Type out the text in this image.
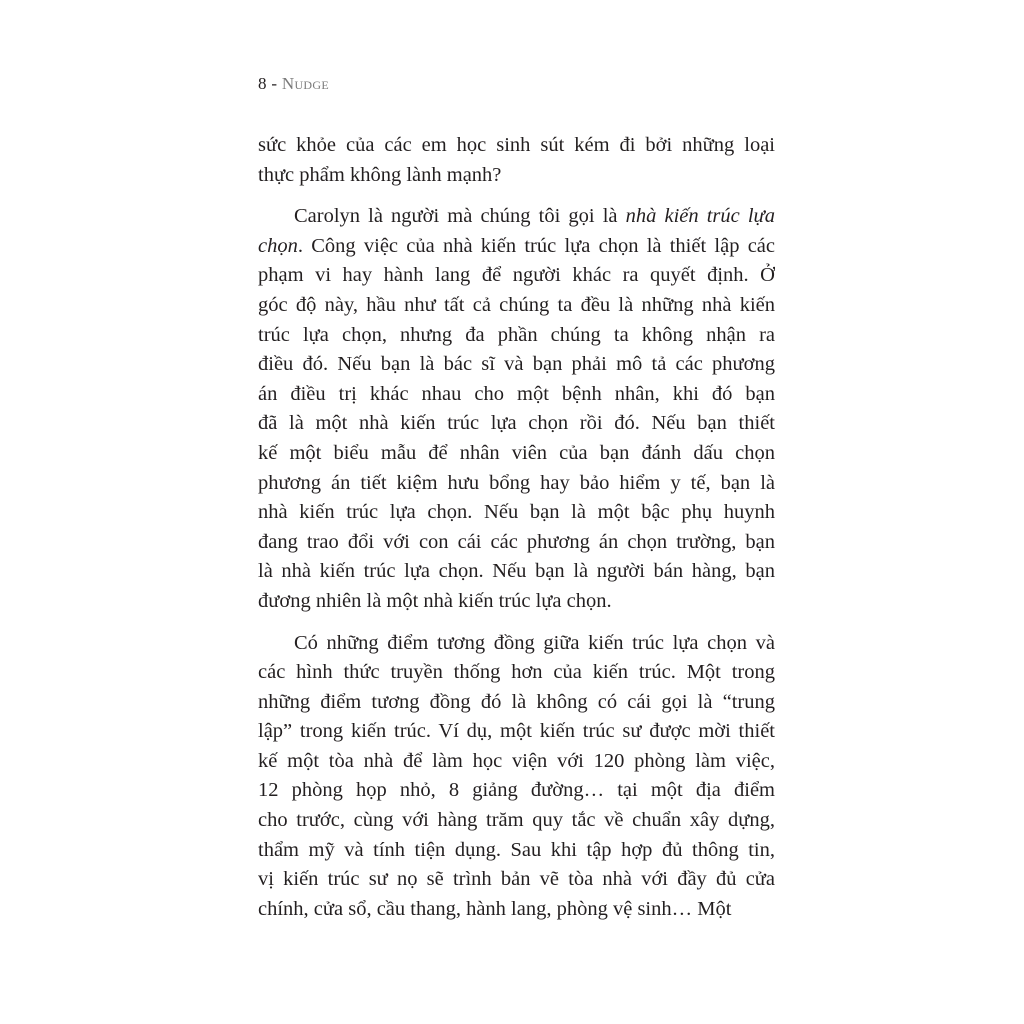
8 - Nudge
sức khỏe của các em học sinh sút kém đi bởi những loại
thực phẩm không lành mạnh?
Carolyn là người mà chúng tôi gọi là nhà kiến trúc lựa
chọn. Công việc của nhà kiến trúc lựa chọn là thiết lập các
phạm vi hay hành lang để người khác ra quyết định. Ở
góc độ này, hầu như tất cả chúng ta đều là những nhà kiến
trúc lựa chọn, nhưng đa phần chúng ta không nhận ra
điều đó. Nếu bạn là bác sĩ và bạn phải mô tả các phương
án điều trị khác nhau cho một bệnh nhân, khi đó bạn
đã là một nhà kiến trúc lựa chọn rồi đó. Nếu bạn thiết
kế một biểu mẫu để nhân viên của bạn đánh dấu chọn
phương án tiết kiệm hưu bổng hay bảo hiểm y tế, bạn là
nhà kiến trúc lựa chọn. Nếu bạn là một bậc phụ huynh
đang trao đổi với con cái các phương án chọn trường, bạn
là nhà kiến trúc lựa chọn. Nếu bạn là người bán hàng, bạn
đương nhiên là một nhà kiến trúc lựa chọn.
Có những điểm tương đồng giữa kiến trúc lựa chọn và
các hình thức truyền thống hơn của kiến trúc. Một trong
những điểm tương đồng đó là không có cái gọi là “trung
lập” trong kiến trúc. Ví dụ, một kiến trúc sư được mời thiết
kế một tòa nhà để làm học viện với 120 phòng làm việc,
12 phòng họp nhỏ, 8 giảng đường… tại một địa điểm
cho trước, cùng với hàng trăm quy tắc về chuẩn xây dựng,
thẩm mỹ và tính tiện dụng. Sau khi tập hợp đủ thông tin,
vị kiến trúc sư nọ sẽ trình bản vẽ tòa nhà với đầy đủ cửa
chính, cửa sổ, cầu thang, hành lang, phòng vệ sinh… Một
